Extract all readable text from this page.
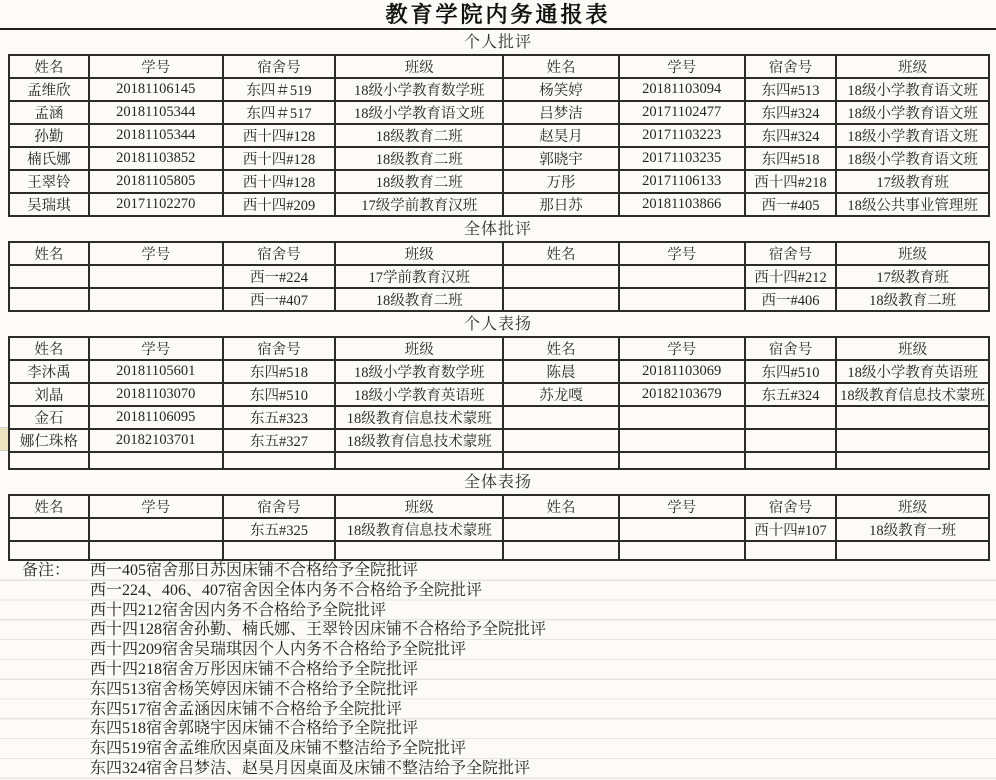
教育学院内务通报表
个人批评
姓名	学号	宿舍号	班级	姓名	学号	宿舍号	班级
孟维欣	20181106145	东四＃519	18级小学教育数学班	杨笑婷	20181103094	东四#513	18级小学教育语文班
孟涵	20181105344	东四＃517	18级小学教育语文班	吕梦洁	20171102477	东四#324	18级小学教育语文班
孙勤	20181105344	西十四#128	18级教育二班	赵昊月	20171103223	东四#324	18级小学教育语文班
楠氏娜	20181103852	西十四#128	18级教育二班	郭晓宇	20171103235	东四#518	18级小学教育语文班
王翠铃	20181105805	西十四#128	18级教育二班	万彤	20171106133	西十四#218	17级教育班
吴瑞琪	20171102270	西十四#209	17级学前教育汉班	那日苏	20181103866	西一#405	18级公共事业管理班
全体批评
姓名	学号	宿舍号	班级	姓名	学号	宿舍号	班级
		西一#224	17学前教育汉班			西十四#212	17级教育班
		西一#407	18级教育二班			西一#406	18级教育二班
个人表扬
姓名	学号	宿舍号	班级	姓名	学号	宿舍号	班级
李沐禹	20181105601	东四#518	18级小学教育数学班	陈晨	20181103069	东四#510	18级小学教育英语班
刘晶	20181103070	东四#510	18级小学教育英语班	苏龙嘎	20182103679	东五#324	18级教育信息技术蒙班
金石	20181106095	东五#323	18级教育信息技术蒙班				
娜仁珠格	20182103701	东五#327	18级教育信息技术蒙班				

全体表扬
姓名	学号	宿舍号	班级	姓名	学号	宿舍号	班级
		东五#325	18级教育信息技术蒙班			西十四#107	18级教育一班

备注： 西一405宿舍那日苏因床铺不合格给予全院批评
西一224、406、407宿舍因全体内务不合格给予全院批评
西十四212宿舍因内务不合格给予全院批评
西十四128宿舍孙勤、楠氏娜、王翠铃因床铺不合格给予全院批评
西十四209宿舍吴瑞琪因个人内务不合格给予全院批评
西十四218宿舍万彤因床铺不合格给予全院批评
东四513宿舍杨笑婷因床铺不合格给予全院批评
东四517宿舍孟涵因床铺不合格给予全院批评
东四518宿舍郭晓宇因床铺不合格给予全院批评
东四519宿舍孟维欣因桌面及床铺不整洁给予全院批评
东四324宿舍吕梦洁、赵昊月因桌面及床铺不整洁给予全院批评
